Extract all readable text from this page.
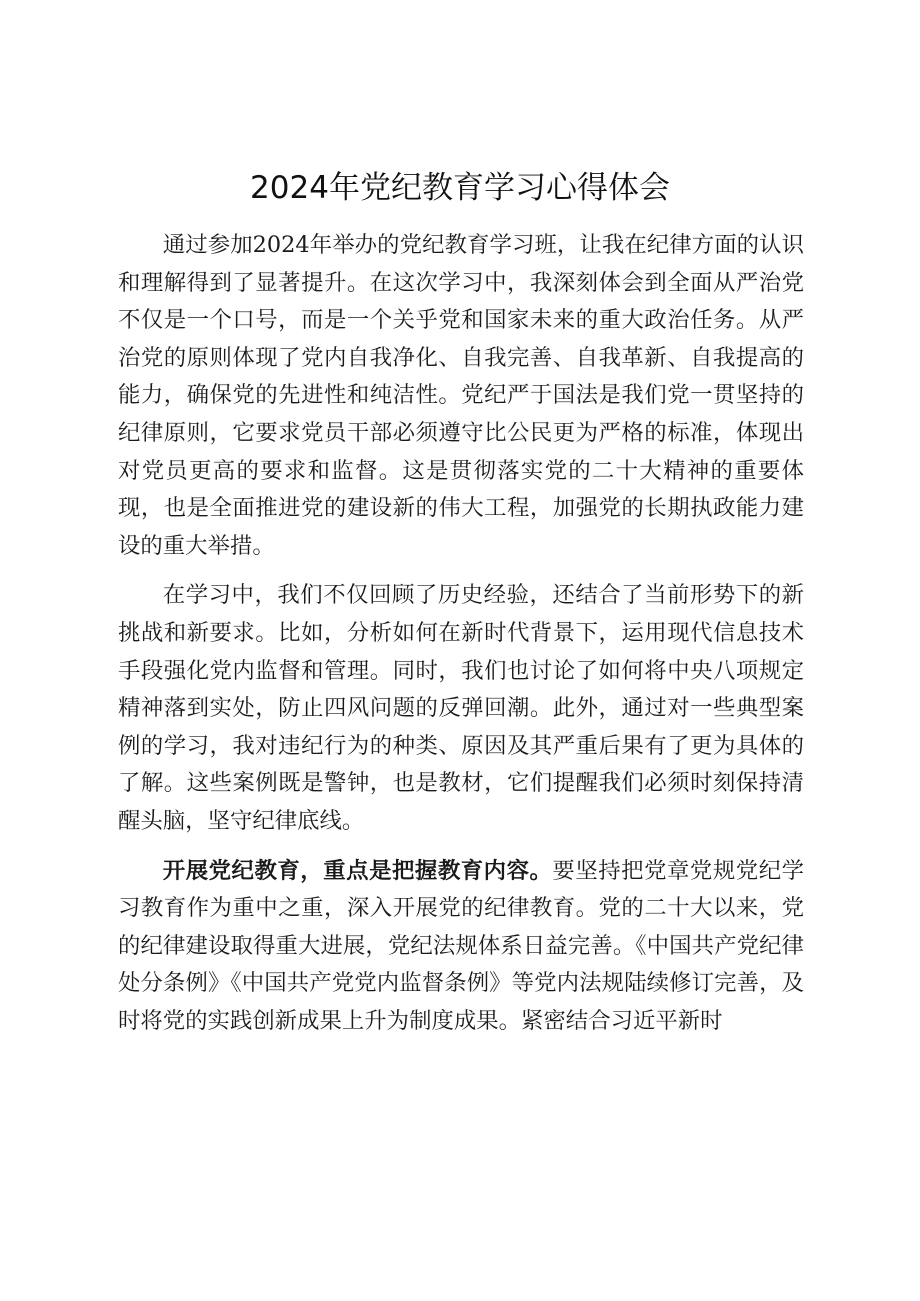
2024年党纪教育学习心得体会

通过参加2024年举办的党纪教育学习班，让我在纪律方面的认识和理解得到了显著提升。在这次学习中，我深刻体会到全面从严治党不仅是一个口号，而是一个关乎党和国家未来的重大政治任务。从严治党的原则体现了党内自我净化、自我完善、自我革新、自我提高的能力，确保党的先进性和纯洁性。党纪严于国法是我们党一贯坚持的纪律原则，它要求党员干部必须遵守比公民更为严格的标准，体现出对党员更高的要求和监督。这是贯彻落实党的二十大精神的重要体现，也是全面推进党的建设新的伟大工程，加强党的长期执政能力建设的重大举措。

在学习中，我们不仅回顾了历史经验，还结合了当前形势下的新挑战和新要求。比如，分析如何在新时代背景下，运用现代信息技术手段强化党内监督和管理。同时，我们也讨论了如何将中央八项规定精神落到实处，防止四风问题的反弹回潮。此外，通过对一些典型案例的学习，我对违纪行为的种类、原因及其严重后果有了更为具体的了解。这些案例既是警钟，也是教材，它们提醒我们必须时刻保持清醒头脑，坚守纪律底线。

开展党纪教育，重点是把握教育内容。要坚持把党章党规党纪学习教育作为重中之重，深入开展党的纪律教育。党的二十大以来，党的纪律建设取得重大进展，党纪法规体系日益完善。《中国共产党纪律处分条例》《中国共产党党内监督条例》等党内法规陆续修订完善，及时将党的实践创新成果上升为制度成果。紧密结合习近平新时
